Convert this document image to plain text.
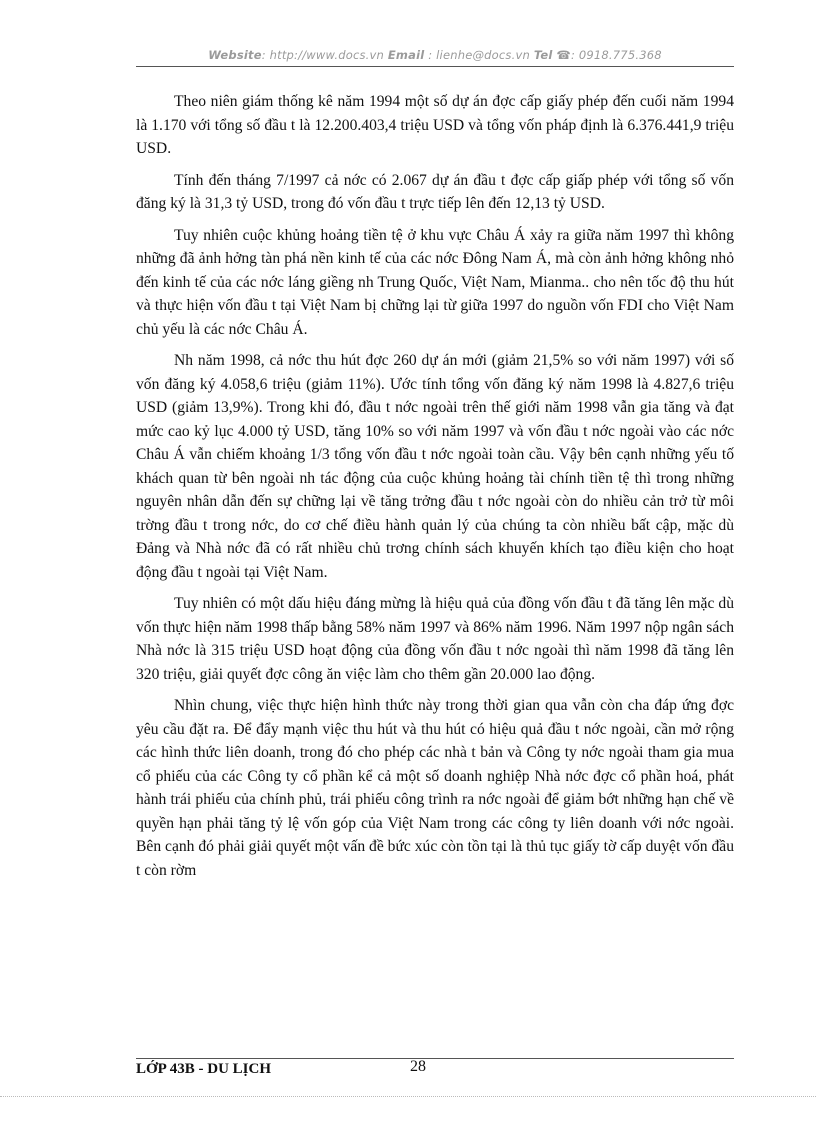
Website: http://www.docs.vn Email : lienhe@docs.vn Tel ☎: 0918.775.368

Theo niên giám thống kê năm 1994 một số dự án đợc cấp giấy phép đến cuối năm 1994 là 1.170 với tổng số đầu t là 12.200.403,4 triệu USD và tổng vốn pháp định là 6.376.441,9 triệu USD.

Tính đến tháng 7/1997 cả nớc có 2.067 dự án đầu t đợc cấp giấp phép với tổng số vốn đăng ký là 31,3 tỷ USD, trong đó vốn đầu t trực tiếp lên đến 12,13 tỷ USD.

Tuy nhiên cuộc khủng hoảng tiền tệ ở khu vực Châu Á xảy ra giữa năm 1997 thì không những đã ảnh hởng tàn phá nền kinh tế của các nớc Đông Nam Á, mà còn ảnh hởng không nhỏ đến kinh tế của các nớc láng giềng nh Trung Quốc, Việt Nam, Mianma.. cho nên tốc độ thu hút và thực hiện vốn đầu t tại Việt Nam bị chững lại từ giữa 1997 do nguồn vốn FDI cho Việt Nam chủ yếu là các nớc Châu Á.

Nh năm 1998, cả nớc thu hút đợc 260 dự án mới (giảm 21,5% so với năm 1997) với số vốn đăng ký 4.058,6 triệu (giảm 11%). Ước tính tổng vốn đăng ký năm 1998 là 4.827,6 triệu USD (giảm 13,9%). Trong khi đó, đầu t nớc ngoài trên thế giới năm 1998 vẫn gia tăng và đạt mức cao kỷ lục 4.000 tỷ USD, tăng 10% so với năm 1997 và vốn đầu t nớc ngoài vào các nớc Châu Á vẫn chiếm khoảng 1/3 tổng vốn đầu t nớc ngoài toàn cầu. Vậy bên cạnh những yếu tố khách quan từ bên ngoài nh tác động của cuộc khủng hoảng tài chính tiền tệ thì trong những nguyên nhân dẫn đến sự chững lại về tăng trởng đầu t nớc ngoài còn do nhiều cản trở từ môi trờng đầu t trong nớc, do cơ chế điều hành quản lý của chúng ta còn nhiều bất cập, mặc dù Đảng và Nhà nớc đã có rất nhiều chủ trơng chính sách khuyến khích tạo điều kiện cho hoạt động đầu t ngoài tại Việt Nam.

Tuy nhiên có một dấu hiệu đáng mừng là hiệu quả của đồng vốn đầu t đã tăng lên mặc dù vốn thực hiện năm 1998 thấp bằng 58% năm 1997 và 86% năm 1996. Năm 1997 nộp ngân sách Nhà nớc là 315 triệu USD hoạt động của đồng vốn đầu t nớc ngoài thì năm 1998 đã tăng lên 320 triệu, giải quyết đợc công ăn việc làm cho thêm gần 20.000 lao động.

Nhìn chung, việc thực hiện hình thức này trong thời gian qua vẫn còn cha đáp ứng đợc yêu cầu đặt ra. Để đẩy mạnh việc thu hút và thu hút có hiệu quả đầu t nớc ngoài, cần mở rộng các hình thức liên doanh, trong đó cho phép các nhà t bản và Công ty nớc ngoài tham gia mua cổ phiếu của các Công ty cổ phần kể cả một số doanh nghiệp Nhà nớc đợc cổ phần hoá, phát hành trái phiếu của chính phủ, trái phiếu công trình ra nớc ngoài để giảm bớt những hạn chế về quyền hạn phải tăng tỷ lệ vốn góp của Việt Nam trong các công ty liên doanh với nớc ngoài. Bên cạnh đó phải giải quyết một vấn đề bức xúc còn tồn tại là thủ tục giấy tờ cấp duyệt vốn đầu t còn rờm

LỚP 43B - DU LỊCH	28
